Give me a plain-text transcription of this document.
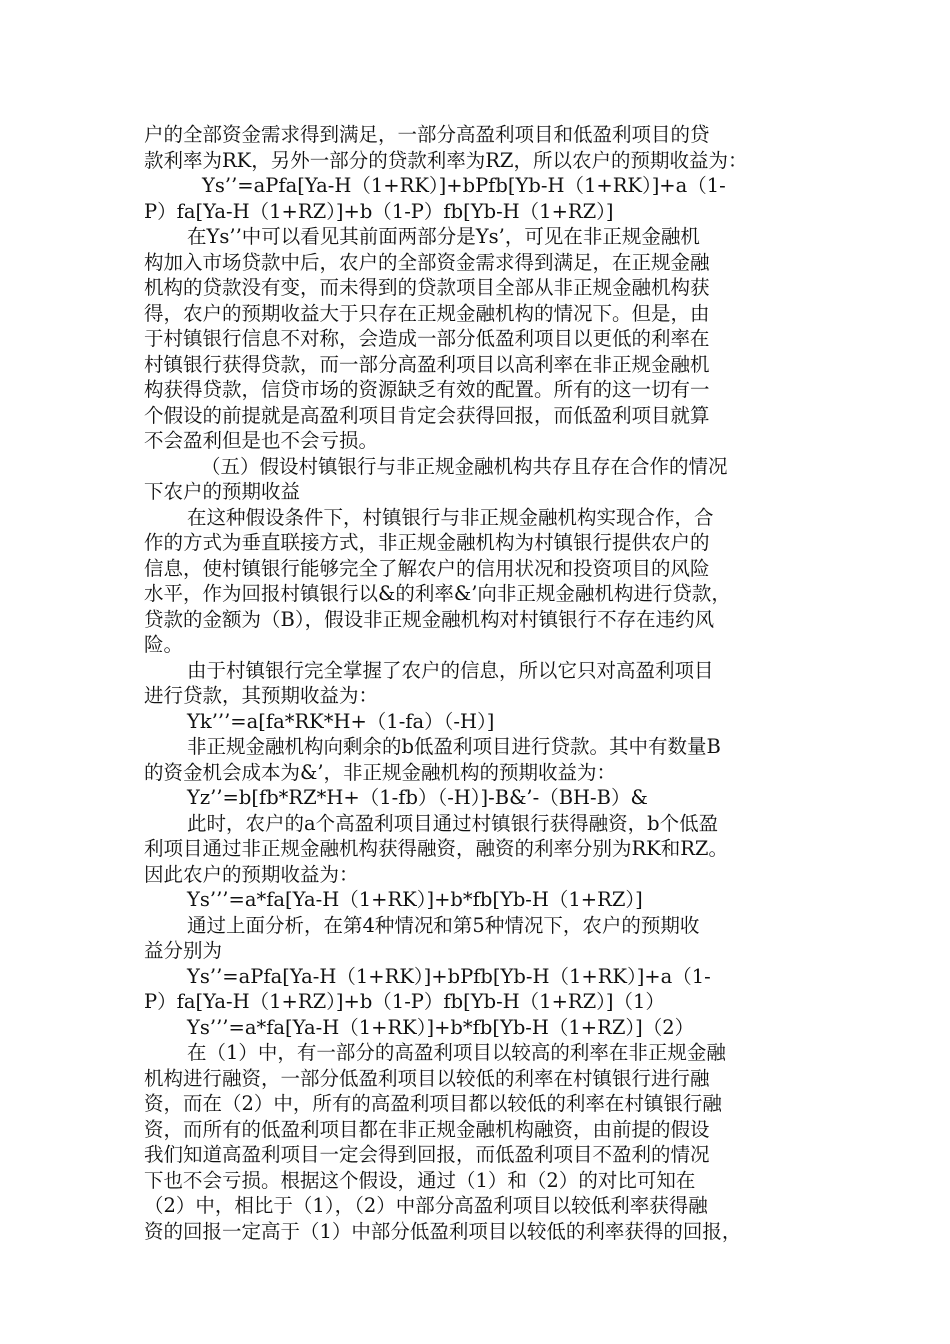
户的全部资金需求得到满足，一部分高盈利项目和低盈利项目的贷
款利率为RK，另外一部分的贷款利率为RZ，所以农户的预期收益为：
Ys’’=aPfa[Ya-H（1+RK）]+bPfb[Yb-H（1+RK）]+a（1-
P）fa[Ya-H（1+RZ）]+b（1-P）fb[Yb-H（1+RZ）]
在Ys’’中可以看见其前面两部分是Ys’，可见在非正规金融机
构加入市场贷款中后，农户的全部资金需求得到满足，在正规金融
机构的贷款没有变，而未得到的贷款项目全部从非正规金融机构获
得，农户的预期收益大于只存在正规金融机构的情况下。但是，由
于村镇银行信息不对称，会造成一部分低盈利项目以更低的利率在
村镇银行获得贷款，而一部分高盈利项目以高利率在非正规金融机
构获得贷款，信贷市场的资源缺乏有效的配置。所有的这一切有一
个假设的前提就是高盈利项目肯定会获得回报，而低盈利项目就算
不会盈利但是也不会亏损。
（五）假设村镇银行与非正规金融机构共存且存在合作的情况
下农户的预期收益
在这种假设条件下，村镇银行与非正规金融机构实现合作，合
作的方式为垂直联接方式，非正规金融机构为村镇银行提供农户的
信息，使村镇银行能够完全了解农户的信用状况和投资项目的风险
水平，作为回报村镇银行以&的利率&’向非正规金融机构进行贷款，
贷款的金额为（B），假设非正规金融机构对村镇银行不存在违约风
险。
由于村镇银行完全掌握了农户的信息，所以它只对高盈利项目
进行贷款，其预期收益为：
Yk’’’=a[fa*RK*H+（1-fa）（-H）]
非正规金融机构向剩余的b低盈利项目进行贷款。其中有数量B
的资金机会成本为&’，非正规金融机构的预期收益为：
Yz’’=b[fb*RZ*H+（1-fb）（-H）]-B&’-（BH-B）&
此时，农户的a个高盈利项目通过村镇银行获得融资，b个低盈
利项目通过非正规金融机构获得融资，融资的利率分别为RK和RZ。
因此农户的预期收益为：
Ys’’’=a*fa[Ya-H（1+RK）]+b*fb[Yb-H（1+RZ）]
通过上面分析，在第4种情况和第5种情况下，农户的预期收
益分别为
Ys’’=aPfa[Ya-H（1+RK）]+bPfb[Yb-H（1+RK）]+a（1-
P）fa[Ya-H（1+RZ）]+b（1-P）fb[Yb-H（1+RZ）]（1）
Ys’’’=a*fa[Ya-H（1+RK）]+b*fb[Yb-H（1+RZ）]（2）
在（1）中，有一部分的高盈利项目以较高的利率在非正规金融
机构进行融资，一部分低盈利项目以较低的利率在村镇银行进行融
资，而在（2）中，所有的高盈利项目都以较低的利率在村镇银行融
资，而所有的低盈利项目都在非正规金融机构融资，由前提的假设
我们知道高盈利项目一定会得到回报，而低盈利项目不盈利的情况
下也不会亏损。根据这个假设，通过（1）和（2）的对比可知在
（2）中，相比于（1），（2）中部分高盈利项目以较低利率获得融
资的回报一定高于（1）中部分低盈利项目以较低的利率获得的回报，
